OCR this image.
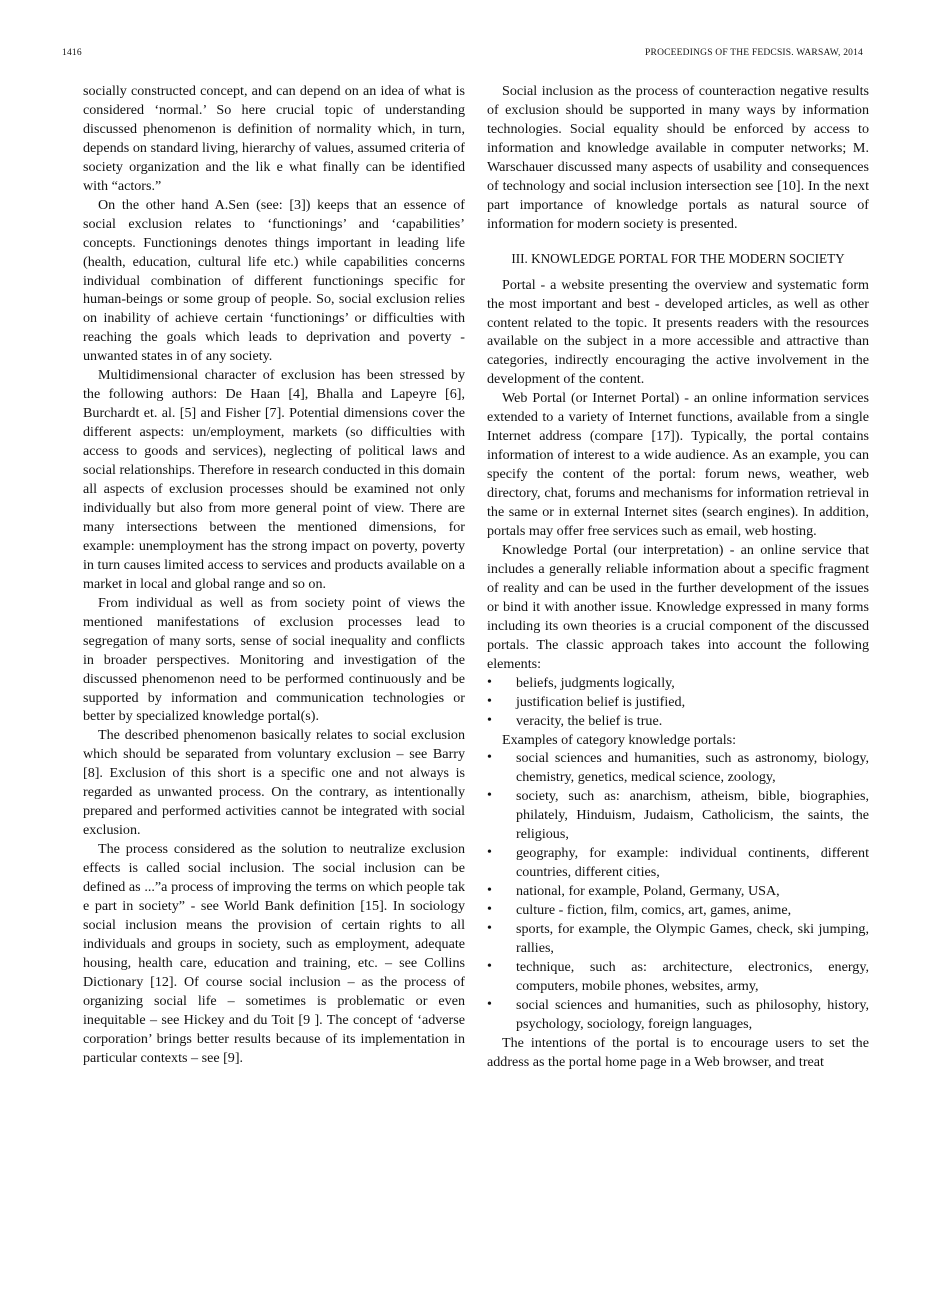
1416	PROCEEDINGS OF THE FEDCSIS. WARSAW, 2014

socially constructed concept, and can depend on an idea of what is considered ‘normal.’ So here crucial topic of understanding discussed phenomenon is definition of normality which, in turn, depends on standard living, hierarchy of values, assumed criteria of society organization and the lik e what finally can be identified with “actors.”

On the other hand A.Sen (see: [3]) keeps that an essence of social exclusion relates to ‘functionings’ and ‘capabilities’ concepts. Functionings denotes things important in leading life (health, education, cultural life etc.) while capabilities concerns individual combination of different functionings specific for human-beings or some group of people. So, social exclusion relies on inability of achieve certain ‘functionings’ or difficulties with reaching the goals which leads to deprivation and poverty - unwanted states in of any society.

Multidimensional character of exclusion has been stressed by the following authors: De Haan [4], Bhalla and Lapeyre [6], Burchardt et. al. [5] and Fisher [7]. Potential dimensions cover the different aspects: un/employment, markets (so difficulties with access to goods and services), neglecting of political laws and social relationships. Therefore in research conducted in this domain all aspects of exclusion processes should be examined not only individually but also from more general point of view. There are many intersections between the mentioned dimensions, for example: unemployment has the strong impact on poverty, poverty in turn causes limited access to services and products available on a market in local and global range and so on.

From individual as well as from society point of views the mentioned manifestations of exclusion processes lead to segregation of many sorts, sense of social inequality and conflicts in broader perspectives. Monitoring and investigation of the discussed phenomenon need to be performed continuously and be supported by information and communication technologies or better by specialized knowledge portal(s).

The described phenomenon basically relates to social exclusion which should be separated from voluntary exclusion – see Barry [8]. Exclusion of this short is a specific one and not always is regarded as unwanted process. On the contrary, as intentionally prepared and performed activities cannot be integrated with social exclusion.

The process considered as the solution to neutralize exclusion effects is called social inclusion. The social inclusion can be defined as ...”a process of improving the terms on which people tak e part in society” - see World Bank definition [15]. In sociology social inclusion means the provision of certain rights to all individuals and groups in society, such as employment, adequate housing, health care, education and training, etc. – see Collins Dictionary [12]. Of course social inclusion – as the process of organizing social life – sometimes is problematic or even inequitable – see Hickey and du Toit [9 ]. The concept of ‘adverse corporation’ brings better results because of its implementation in particular contexts – see [9].

Social inclusion as the process of counteraction negative results of exclusion should be supported in many ways by information technologies. Social equality should be enforced by access to information and knowledge available in computer networks; M. Warschauer discussed many aspects of usability and consequences of technology and social inclusion intersection see [10]. In the next part importance of knowledge portals as natural source of information for modern society is presented.

III. KNOWLEDGE PORTAL FOR THE MODERN SOCIETY

Portal - a website presenting the overview and systematic form the most important and best - developed articles, as well as other content related to the topic. It presents readers with the resources available on the subject in a more accessible and attractive than categories, indirectly encouraging the active involvement in the development of the content.

Web Portal (or Internet Portal) - an online information services extended to a variety of Internet functions, available from a single Internet address (compare [17]). Typically, the portal contains information of interest to a wide audience. As an example, you can specify the content of the portal: forum news, weather, web directory, chat, forums and mechanisms for information retrieval in the same or in external Internet sites (search engines). In addition, portals may offer free services such as email, web hosting.

Knowledge Portal (our interpretation) - an online service that includes a generally reliable information about a specific fragment of reality and can be used in the further development of the issues or bind it with another issue. Knowledge expressed in many forms including its own theories is a crucial component of the discussed portals. The classic approach takes into account the following elements:

• beliefs, judgments logically,
• justification belief is justified,
• veracity, the belief is true.

Examples of category knowledge portals:

• social sciences and humanities, such as astronomy, biology, chemistry, genetics, medical science, zoology,
• society, such as: anarchism, atheism, bible, biographies, philately, Hinduism, Judaism, Catholicism, the saints, the religious,
• geography, for example: individual continents, different countries, different cities,
• national, for example, Poland, Germany, USA,
• culture - fiction, film, comics, art, games, anime,
• sports, for example, the Olympic Games, check, ski jumping, rallies,
• technique, such as: architecture, electronics, energy, computers, mobile phones, websites, army,
• social sciences and humanities, such as philosophy, history, psychology, sociology, foreign languages,

The intentions of the portal is to encourage users to set the address as the portal home page in a Web browser, and treat
